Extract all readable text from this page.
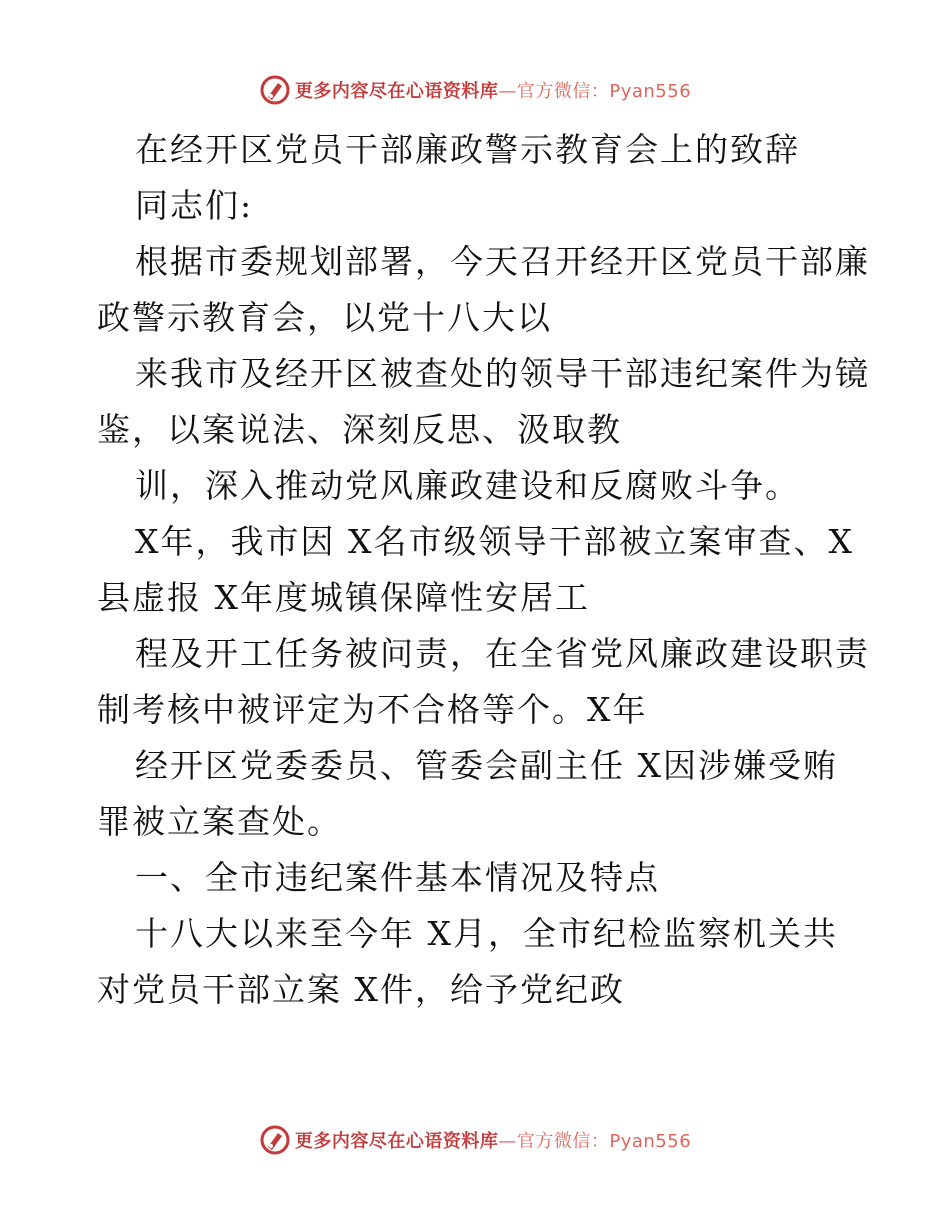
更多内容尽在心语资料库—官方微信：Pyan556
在经开区党员干部廉政警示教育会上的致辞
同志们:
根据市委规划部署，今天召开经开区党员干部廉
政警示教育会，以党十八大以
来我市及经开区被查处的领导干部违纪案件为镜
鉴，以案说法、深刻反思、汲取教
训，深入推动党风廉政建设和反腐败斗争。
X年，我市因 X名市级领导干部被立案审查、X
县虚报 X年度城镇保障性安居工
程及开工任务被问责，在全省党风廉政建设职责
制考核中被评定为不合格等个。X年
经开区党委委员、管委会副主任 X因涉嫌受贿
罪被立案查处。
一、全市违纪案件基本情况及特点
十八大以来至今年 X月，全市纪检监察机关共
对党员干部立案 X件，给予党纪政
更多内容尽在心语资料库—官方微信：Pyan556
